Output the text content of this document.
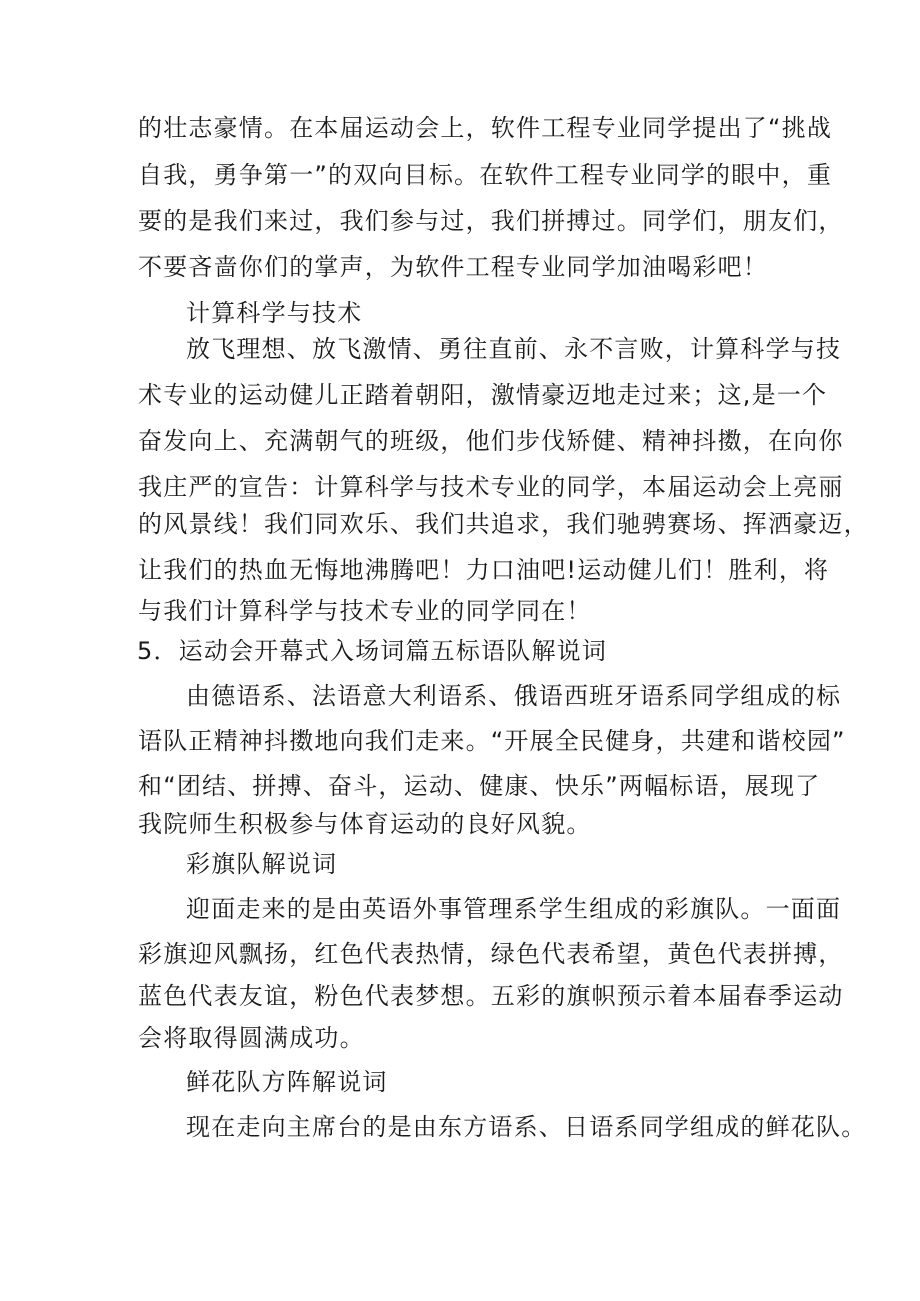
的壮志豪情。在本届运动会上，软件工程专业同学提出了“挑战
自我，勇争第一”的双向目标。在软件工程专业同学的眼中，重
要的是我们来过，我们参与过，我们拼搏过。同学们，朋友们，
不要吝啬你们的掌声，为软件工程专业同学加油喝彩吧！
计算科学与技术
放飞理想、放飞激情、勇往直前、永不言败，计算科学与技
术专业的运动健儿正踏着朝阳，激情豪迈地走过来；这,是一个
奋发向上、充满朝气的班级，他们步伐矫健、精神抖擞，在向你
我庄严的宣告：计算科学与技术专业的同学，本届运动会上亮丽
的风景线！我们同欢乐、我们共追求，我们驰骋赛场、挥洒豪迈，
让我们的热血无悔地沸腾吧！力口油吧!运动健儿们！胜利，将
与我们计算科学与技术专业的同学同在！
5．运动会开幕式入场词篇五标语队解说词
由德语系、法语意大利语系、俄语西班牙语系同学组成的标
语队正精神抖擞地向我们走来。“开展全民健身，共建和谐校园”
和“团结、拼搏、奋斗，运动、健康、快乐”两幅标语，展现了
我院师生积极参与体育运动的良好风貌。
彩旗队解说词
迎面走来的是由英语外事管理系学生组成的彩旗队。一面面
彩旗迎风飘扬，红色代表热情，绿色代表希望，黄色代表拼搏，
蓝色代表友谊，粉色代表梦想。五彩的旗帜预示着本届春季运动
会将取得圆满成功。
鲜花队方阵解说词
现在走向主席台的是由东方语系、日语系同学组成的鲜花队。
